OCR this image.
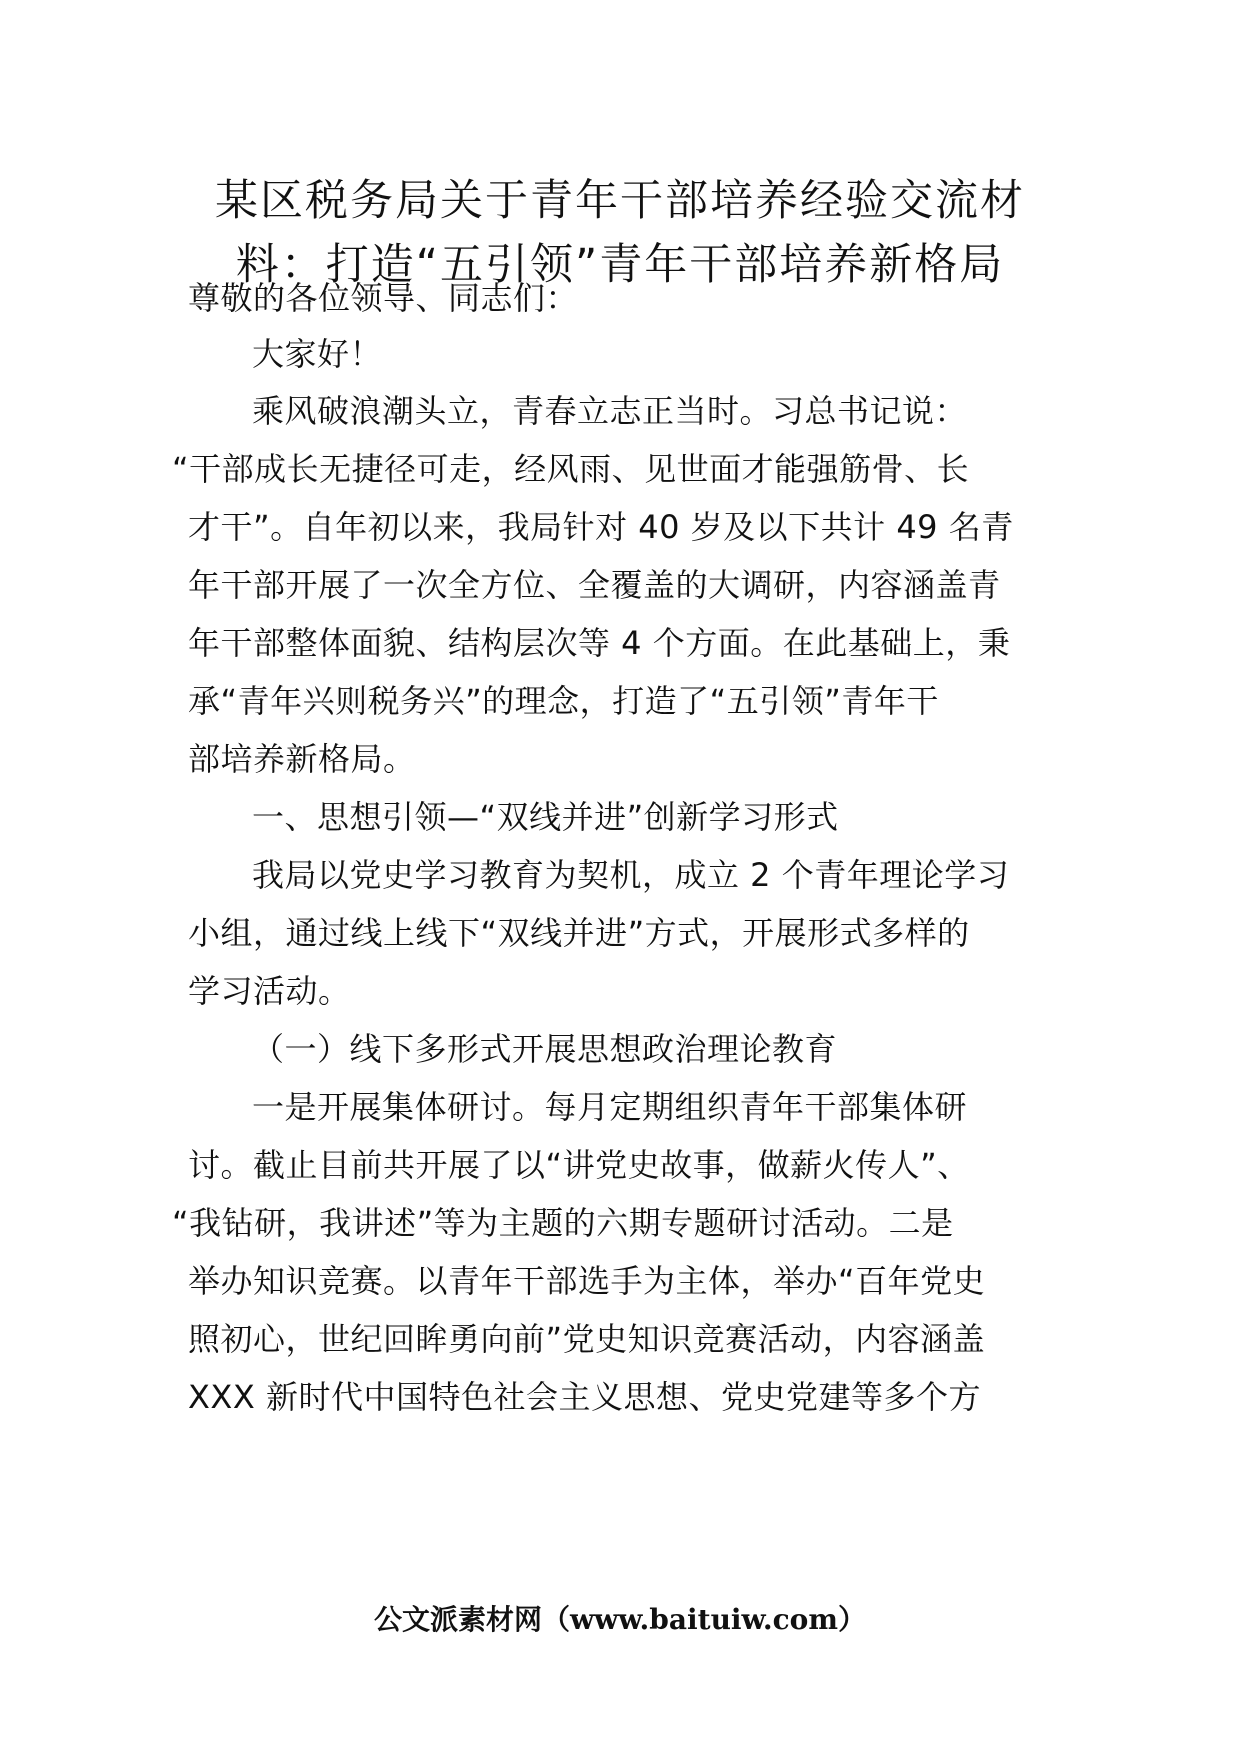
某区税务局关于青年干部培养经验交流材
料：打造“五引领”青年干部培养新格局
尊敬的各位领导、同志们：
大家好！
乘风破浪潮头立，青春立志正当时。习总书记说：
“干部成长无捷径可走，经风雨、见世面才能强筋骨、长
才干”。自年初以来，我局针对 40 岁及以下共计 49 名青
年干部开展了一次全方位、全覆盖的大调研，内容涵盖青
年干部整体面貌、结构层次等 4 个方面。在此基础上，秉
承“青年兴则税务兴”的理念，打造了“五引领”青年干
部培养新格局。
一、思想引领—“双线并进”创新学习形式
我局以党史学习教育为契机，成立 2 个青年理论学习
小组，通过线上线下“双线并进”方式，开展形式多样的
学习活动。
（一）线下多形式开展思想政治理论教育
一是开展集体研讨。每月定期组织青年干部集体研
讨。截止目前共开展了以“讲党史故事，做薪火传人”、
“我钻研，我讲述”等为主题的六期专题研讨活动。二是
举办知识竞赛。以青年干部选手为主体，举办“百年党史
照初心，世纪回眸勇向前”党史知识竞赛活动，内容涵盖
XXX 新时代中国特色社会主义思想、党史党建等多个方
公文派素材网（www.baituiw.com）
